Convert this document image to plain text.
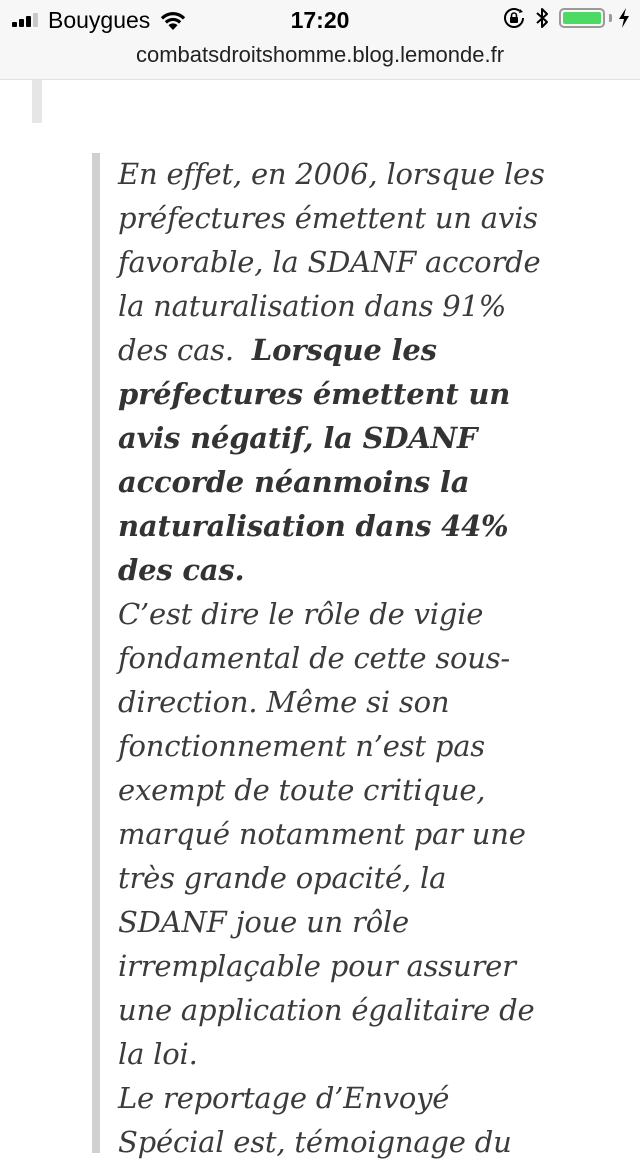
Bouygues	17:20
combatsdroitshomme.blog.lemonde.fr
En effet, en 2006, lorsque les
préfectures émettent un avis
favorable, la SDANF accorde
la naturalisation dans 91%
des cas. Lorsque les
préfectures émettent un
avis négatif, la SDANF
accorde néanmoins la
naturalisation dans 44%
des cas.
C’est dire le rôle de vigie
fondamental de cette sous-
direction. Même si son
fonctionnement n’est pas
exempt de toute critique,
marqué notamment par une
très grande opacité, la
SDANF joue un rôle
irremplaçable pour assurer
une application égalitaire de
la loi.
Le reportage d’Envoyé
Spécial est, témoignage du
